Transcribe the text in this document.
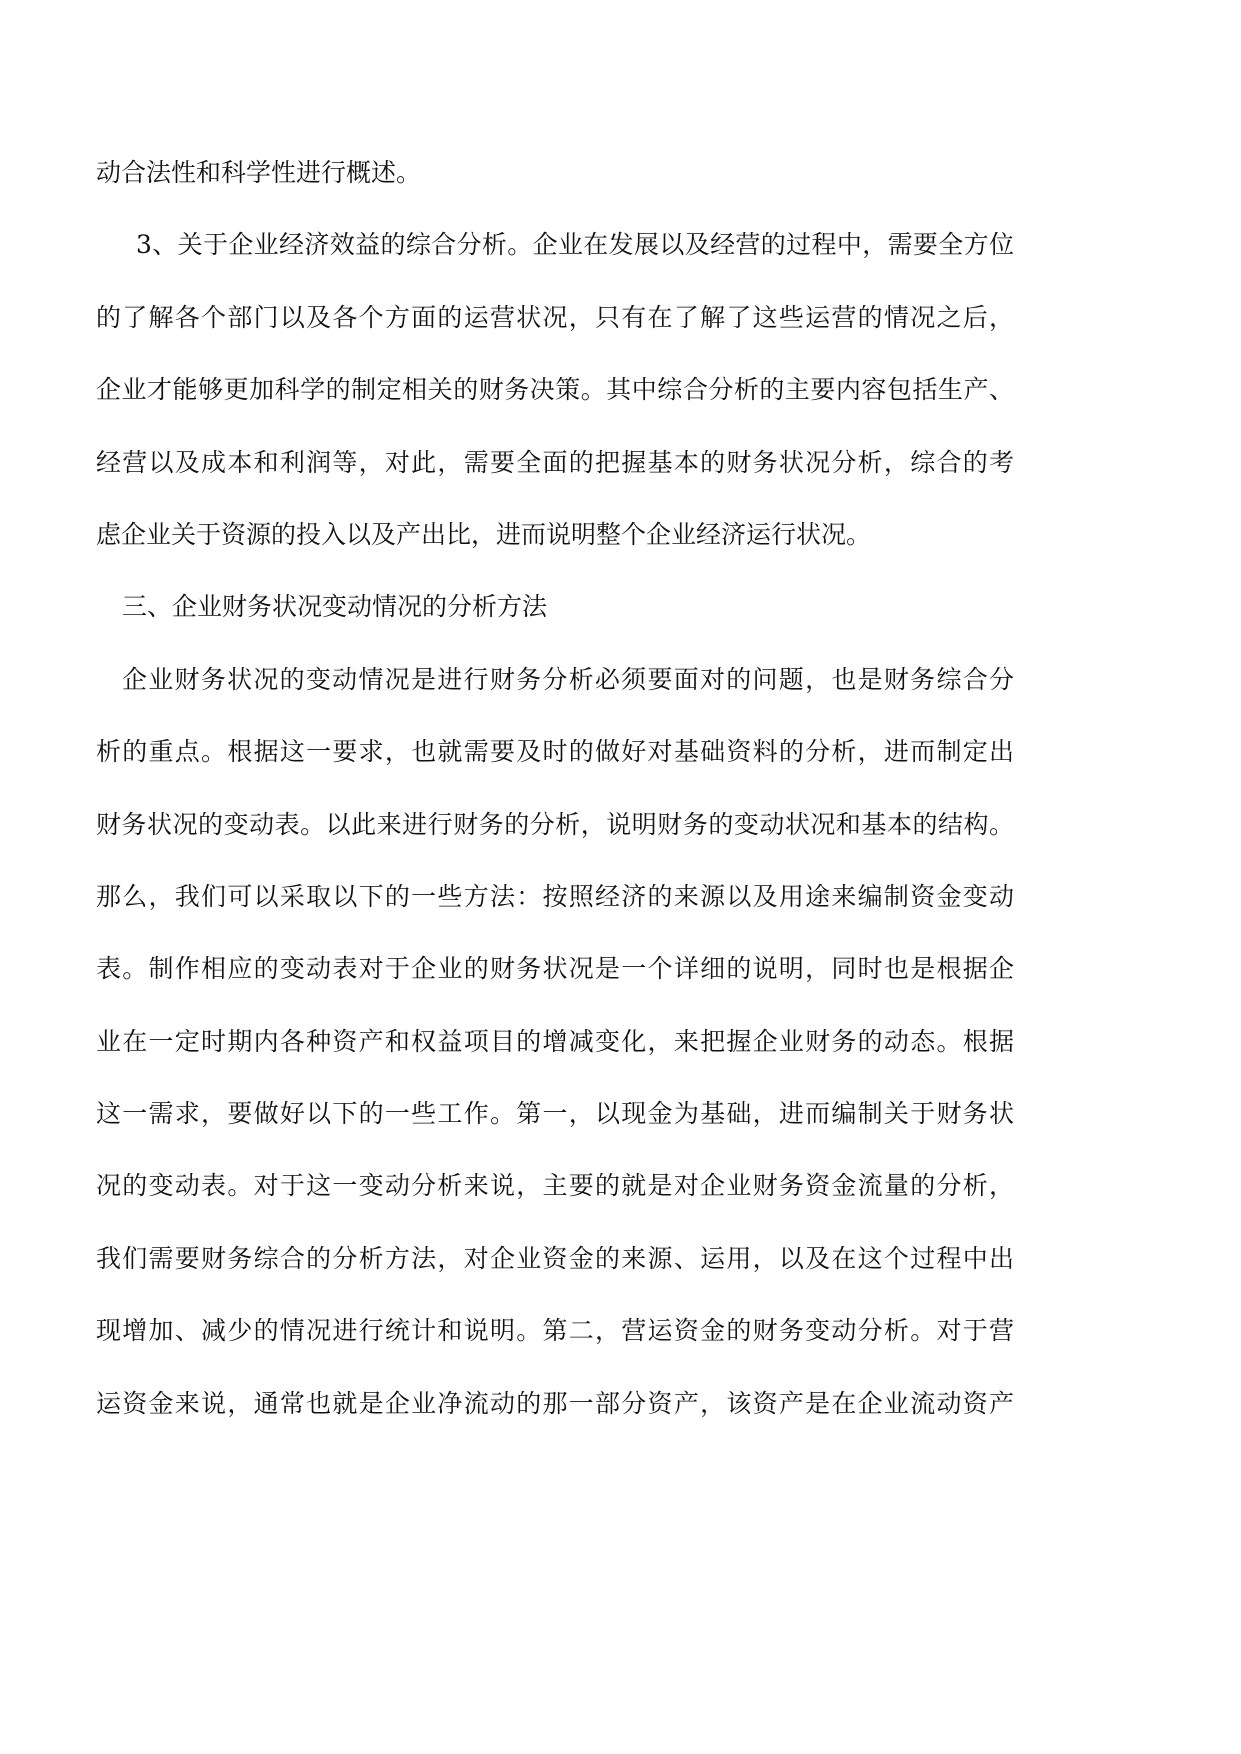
动合法性和科学性进行概述。
3、关于企业经济效益的综合分析。企业在发展以及经营的过程中，需要全方位
的了解各个部门以及各个方面的运营状况，只有在了解了这些运营的情况之后，
企业才能够更加科学的制定相关的财务决策。其中综合分析的主要内容包括生产、
经营以及成本和利润等，对此，需要全面的把握基本的财务状况分析，综合的考
虑企业关于资源的投入以及产出比，进而说明整个企业经济运行状况。
三、企业财务状况变动情况的分析方法
企业财务状况的变动情况是进行财务分析必须要面对的问题，也是财务综合分
析的重点。根据这一要求，也就需要及时的做好对基础资料的分析，进而制定出
财务状况的变动表。以此来进行财务的分析，说明财务的变动状况和基本的结构。
那么，我们可以采取以下的一些方法：按照经济的来源以及用途来编制资金变动
表。制作相应的变动表对于企业的财务状况是一个详细的说明，同时也是根据企
业在一定时期内各种资产和权益项目的增减变化，来把握企业财务的动态。根据
这一需求，要做好以下的一些工作。第一，以现金为基础，进而编制关于财务状
况的变动表。对于这一变动分析来说，主要的就是对企业财务资金流量的分析，
我们需要财务综合的分析方法，对企业资金的来源、运用，以及在这个过程中出
现增加、减少的情况进行统计和说明。第二，营运资金的财务变动分析。对于营
运资金来说，通常也就是企业净流动的那一部分资产，该资产是在企业流动资产
